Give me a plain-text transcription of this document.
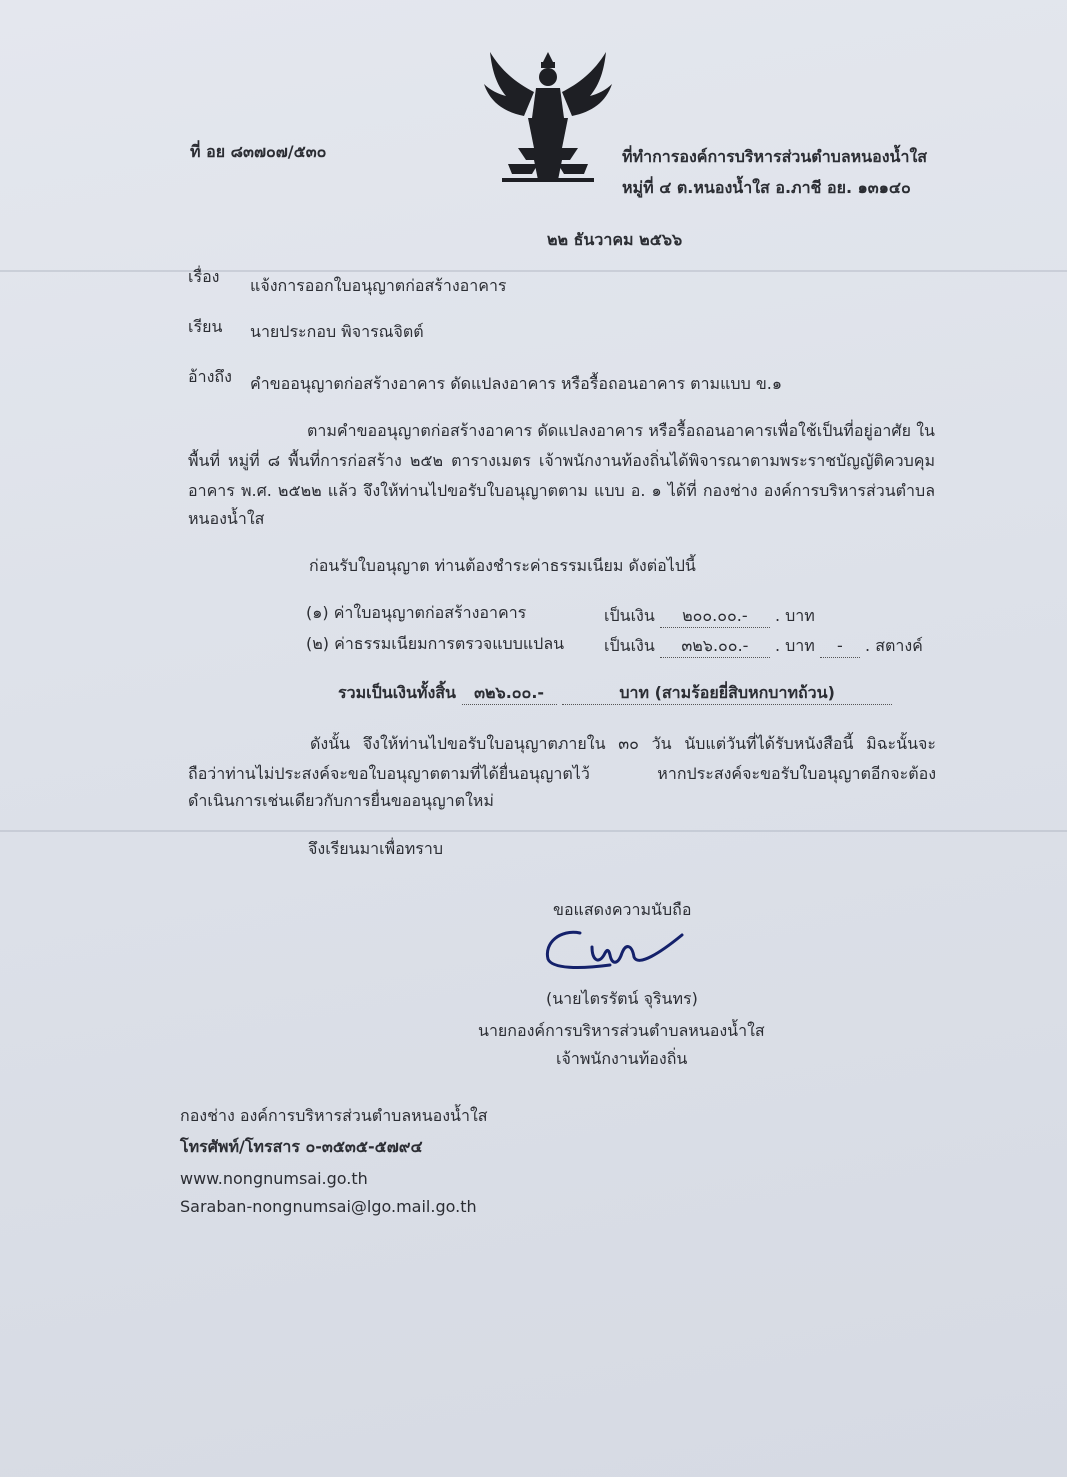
ที่ อย ๘๓๗๐๗/๕๓๐	ที่ทำการองค์การบริหารส่วนตำบลหนองน้ำใส
หมู่ที่ ๔ ต.หนองน้ำใส อ.ภาชี อย. ๑๓๑๔๐
๒๒ ธันวาคม ๒๕๖๖
เรื่อง แจ้งการออกใบอนุญาตก่อสร้างอาคาร
เรียน นายประกอบ พิจารณจิตต์
อ้างถึง คำขออนุญาตก่อสร้างอาคาร ดัดแปลงอาคาร หรือรื้อถอนอาคาร ตามแบบ ข.๑
ตามคำขออนุญาตก่อสร้างอาคาร ดัดแปลงอาคาร หรือรื้อถอนอาคารเพื่อใช้เป็นที่อยู่อาศัย ใน
พื้นที่ หมู่ที่ ๘ พื้นที่การก่อสร้าง ๒๕๒ ตารางเมตร เจ้าพนักงานท้องถิ่นได้พิจารณาตามพระราชบัญญัติควบคุม
อาคาร พ.ศ. ๒๕๒๒ แล้ว จึงให้ท่านไปขอรับใบอนุญาตตาม แบบ อ. ๑ ได้ที่ กองช่าง องค์การบริหารส่วนตำบล
หนองน้ำใส
ก่อนรับใบอนุญาต ท่านต้องชำระค่าธรรมเนียม ดังต่อไปนี้
(๑) ค่าใบอนุญาตก่อสร้างอาคาร	เป็นเงิน ๒๐๐.๐๐.- . บาท
(๒) ค่าธรรมเนียมการตรวจแบบแปลน เป็นเงิน ๓๒๖.๐๐.- . บาท - . สตางค์
รวมเป็นเงินทั้งสิ้น ๓๒๖.๐๐.-	บาท (สามร้อยยี่สิบหกบาทถ้วน)
ดังนั้น จึงให้ท่านไปขอรับใบอนุญาตภายใน ๓๐ วัน นับแต่วันที่ได้รับหนังสือนี้ มิฉะนั้นจะ
ถือว่าท่านไม่ประสงค์จะขอใบอนุญาตตามที่ได้ยื่นอนุญาตไว้ หากประสงค์จะขอรับใบอนุญาตอีกจะต้อง
ดำเนินการเช่นเดียวกับการยื่นขออนุญาตใหม่
จึงเรียนมาเพื่อทราบ
ขอแสดงความนับถือ
(นายไตรรัตน์ จุรินทร)
นายกองค์การบริหารส่วนตำบลหนองน้ำใส
เจ้าพนักงานท้องถิ่น
กองช่าง องค์การบริหารส่วนตำบลหนองน้ำใส
โทรศัพท์/โทรสาร ๐-๓๕๓๕-๕๗๙๔
www.nongnumsai.go.th
Saraban-nongnumsai@lgo.mail.go.th
